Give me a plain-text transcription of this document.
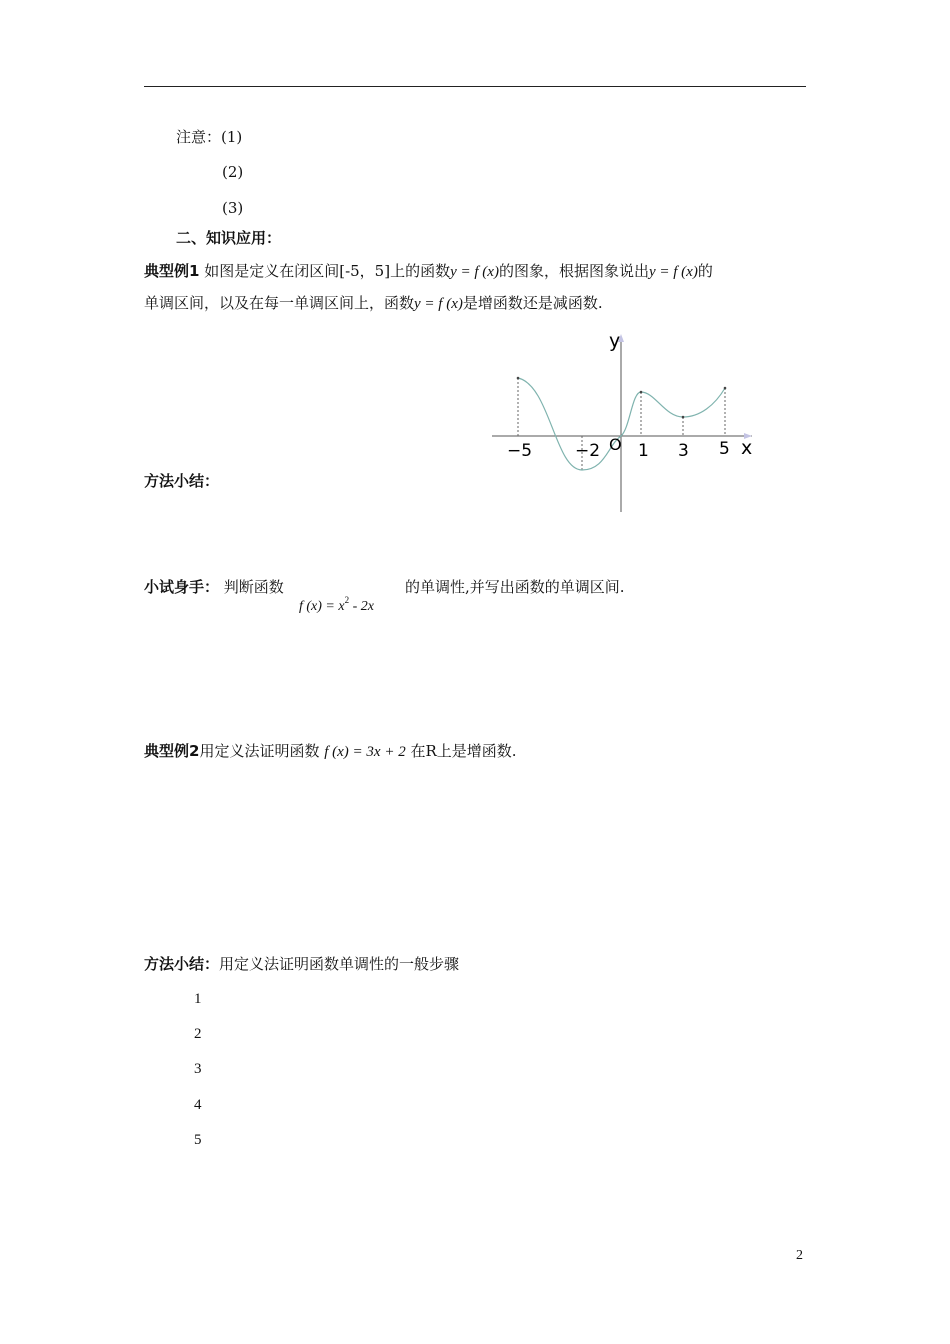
注意：(1)
(2)
(3)
二、知识应用：
典型例1 如图是定义在闭区间[-5，5]上的函数y = f (x)的图象，根据图象说出y = f (x)的
单调区间，以及在每一单调区间上，函数y = f (x)是增函数还是减函数.
y
x
O
−5	−2 1 3 5
方法小结：
小试身手： 判断函数
f $(x) = x^2 - 2x$
的单调性,并写出函数的单调区间.
典型例2用定义法证明函数 f (x) = 3x + 2 在R上是增函数.
方法小结：用定义法证明函数单调性的一般步骤
1
2
3
4
5
2
